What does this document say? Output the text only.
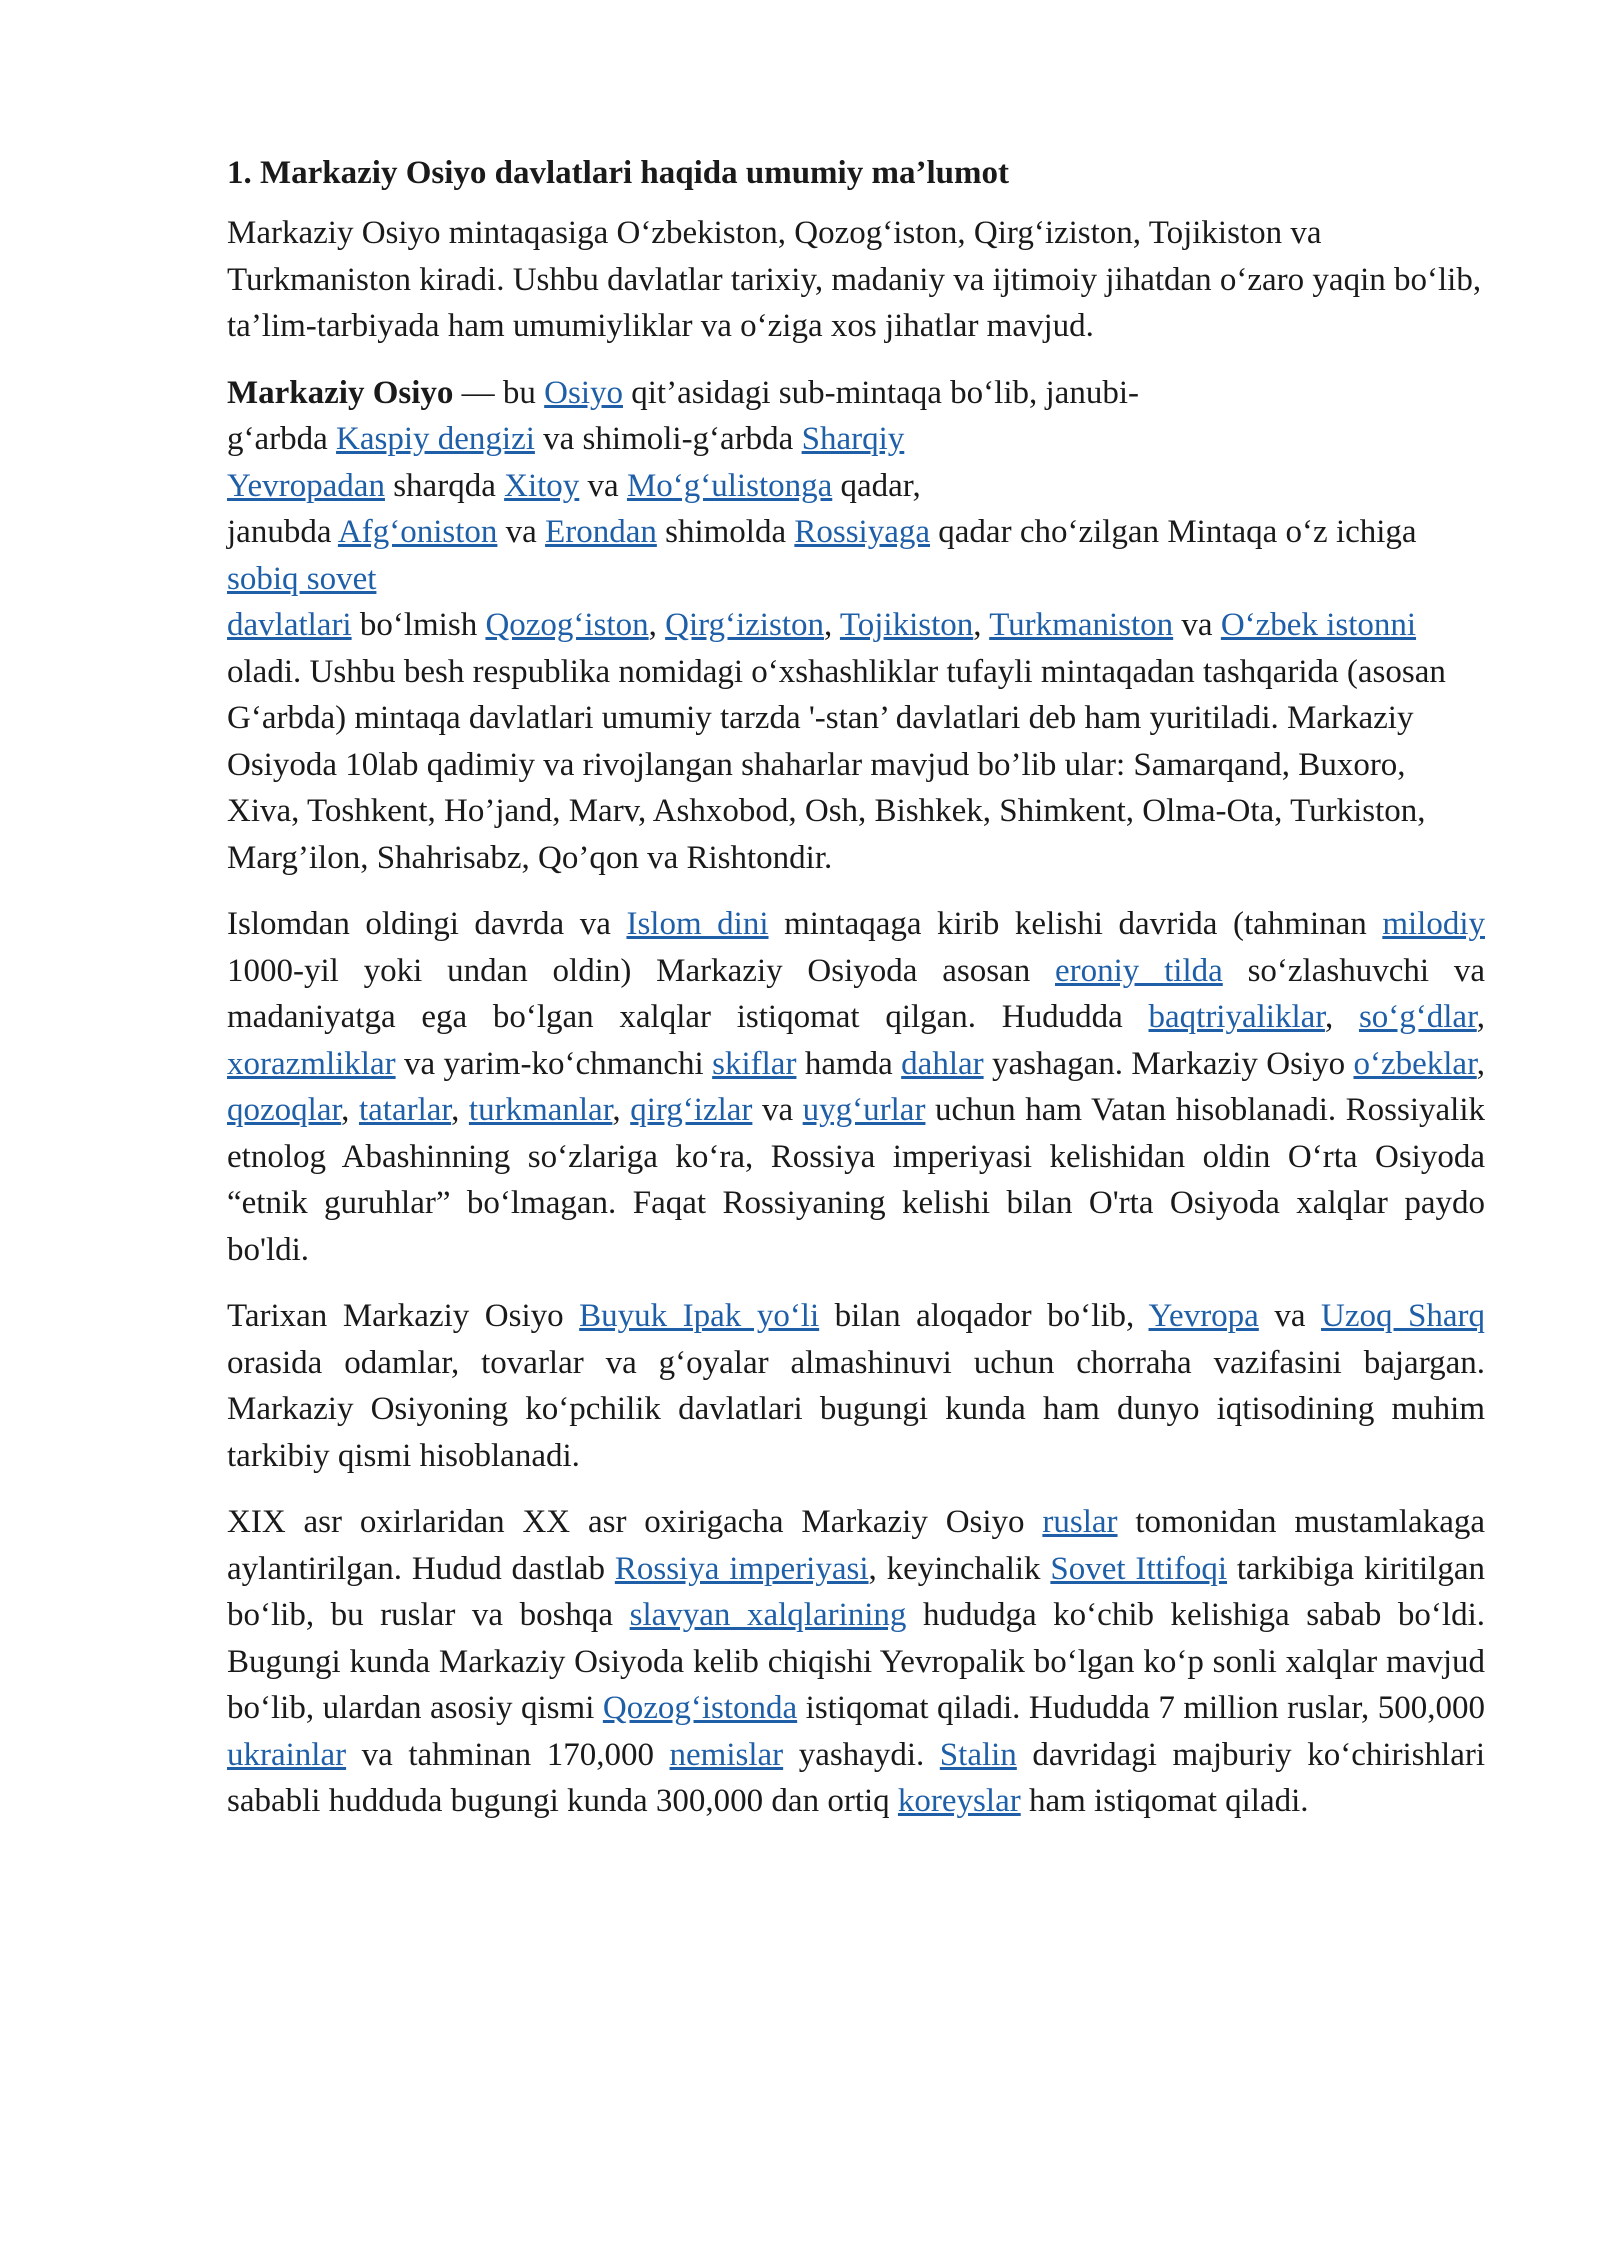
1. Markaziy Osiyo davlatlari haqida umumiy ma’lumot

Markaziy Osiyo mintaqasiga O‘zbekiston, Qozog‘iston, Qirg‘iziston, Tojikiston va Turkmaniston kiradi. Ushbu davlatlar tarixiy, madaniy va ijtimoiy jihatdan o‘zaro yaqin bo‘lib, ta’lim-tarbiyada ham umumiyliklar va o‘ziga xos jihatlar mavjud.

Markaziy Osiyo — bu Osiyo qit’asidagi sub-mintaqa bo‘lib, janubi-
g‘arbda Kaspiy dengizi va shimoli-g‘arbda Sharqiy
Yevropadan sharqda Xitoy va Mo‘g‘ulistonga qadar,
janubda Afg‘oniston va Erondan shimolda Rossiyaga qadar cho‘zilgan Mintaqa o‘z ichiga sobiq sovet
davlatlari bo‘lmish Qozog‘iston, Qirg‘iziston, Tojikiston, Turkmaniston va O‘zbek istonni oladi. Ushbu besh respublika nomidagi o‘xshashliklar tufayli mintaqadan tashqarida (asosan G‘arbda) mintaqa davlatlari umumiy tarzda '-stan’ davlatlari deb ham yuritiladi. Markaziy Osiyoda 10lab qadimiy va rivojlangan shaharlar mavjud bo’lib ular: Samarqand, Buxoro, Xiva, Toshkent, Ho’jand, Marv, Ashxobod, Osh, Bishkek, Shimkent, Olma-Ota, Turkiston, Marg’ilon, Shahrisabz, Qo’qon va Rishtondir.

Islomdan oldingi davrda va Islom dini mintaqaga kirib kelishi davrida (tahminan milodiy 1000-yil yoki undan oldin) Markaziy Osiyoda asosan eroniy tilda so‘zlashuvchi va madaniyatga ega bo‘lgan xalqlar istiqomat qilgan. Hududda baqtriyaliklar, so‘g‘dlar, xorazmliklar va yarim-ko‘chmanchi skiflar hamda dahlar yashagan. Markaziy Osiyo o‘zbeklar, qozoqlar, tatarlar, turkmanlar, qirg‘izlar va uyg‘urlar uchun ham Vatan hisoblanadi. Rossiyalik etnolog Abashinning so‘zlariga ko‘ra, Rossiya imperiyasi kelishidan oldin O‘rta Osiyoda “etnik guruhlar” bo‘lmagan. Faqat Rossiyaning kelishi bilan O'rta Osiyoda xalqlar paydo bo'ldi.

Tarixan Markaziy Osiyo Buyuk Ipak yo‘li bilan aloqador bo‘lib, Yevropa va Uzoq Sharq orasida odamlar, tovarlar va g‘oyalar almashinuvi uchun chorraha vazifasini bajargan. Markaziy Osiyoning ko‘pchilik davlatlari bugungi kunda ham dunyo iqtisodining muhim tarkibiy qismi hisoblanadi.

XIX asr oxirlaridan XX asr oxirigacha Markaziy Osiyo ruslar tomonidan mustamlakaga aylantirilgan. Hudud dastlab Rossiya imperiyasi, keyinchalik Sovet Ittifoqi tarkibiga kiritilgan bo‘lib, bu ruslar va boshqa slavyan xalqlarining hududga ko‘chib kelishiga sabab bo‘ldi. Bugungi kunda Markaziy Osiyoda kelib chiqishi Yevropalik bo‘lgan ko‘p sonli xalqlar mavjud bo‘lib, ulardan asosiy qismi Qozog‘istonda istiqomat qiladi. Hududda 7 million ruslar, 500,000 ukrainlar va tahminan 170,000 nemislar yashaydi. Stalin davridagi majburiy ko‘chirishlari sababli hudduda bugungi kunda 300,000 dan ortiq koreyslar ham istiqomat qiladi.
